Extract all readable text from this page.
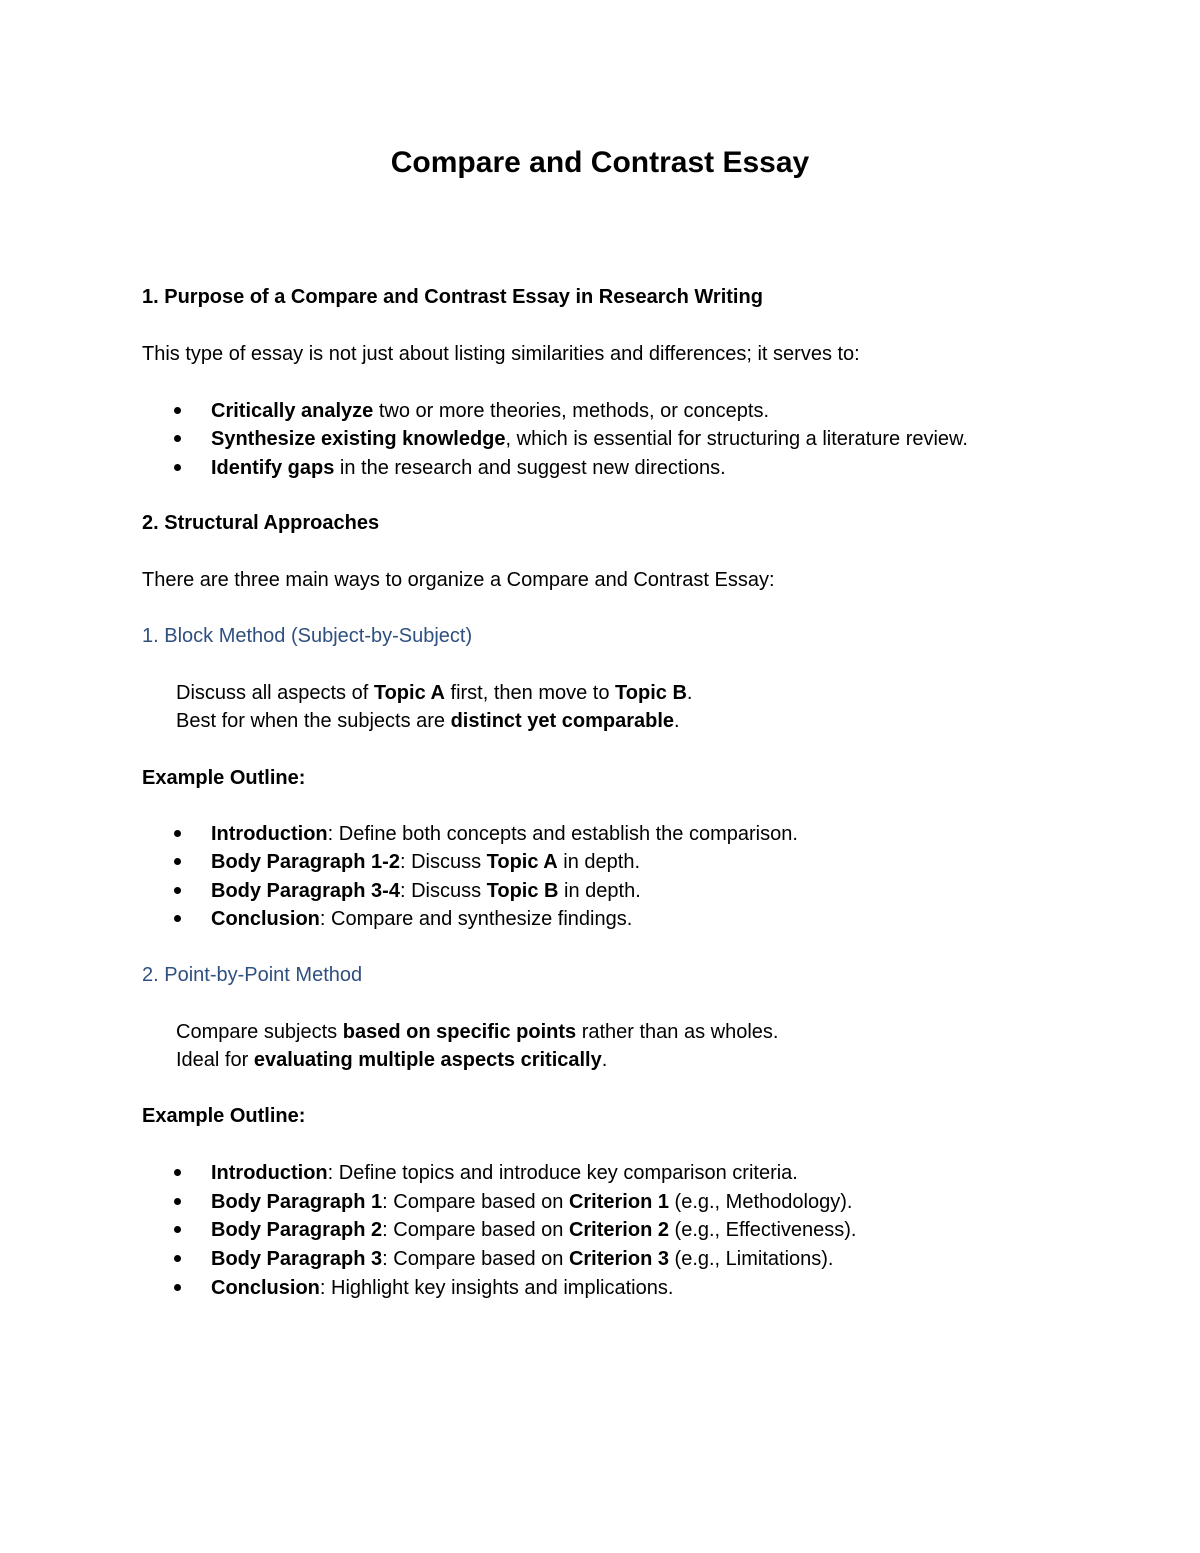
Compare and Contrast Essay
1. Purpose of a Compare and Contrast Essay in Research Writing
This type of essay is not just about listing similarities and differences; it serves to:
Critically analyze two or more theories, methods, or concepts.
Synthesize existing knowledge, which is essential for structuring a literature review.
Identify gaps in the research and suggest new directions.
2. Structural Approaches
There are three main ways to organize a Compare and Contrast Essay:
1. Block Method (Subject-by-Subject)
Discuss all aspects of Topic A first, then move to Topic B.
Best for when the subjects are distinct yet comparable.
Example Outline:
Introduction: Define both concepts and establish the comparison.
Body Paragraph 1-2: Discuss Topic A in depth.
Body Paragraph 3-4: Discuss Topic B in depth.
Conclusion: Compare and synthesize findings.
2. Point-by-Point Method
Compare subjects based on specific points rather than as wholes.
Ideal for evaluating multiple aspects critically.
Example Outline:
Introduction: Define topics and introduce key comparison criteria.
Body Paragraph 1: Compare based on Criterion 1 (e.g., Methodology).
Body Paragraph 2: Compare based on Criterion 2 (e.g., Effectiveness).
Body Paragraph 3: Compare based on Criterion 3 (e.g., Limitations).
Conclusion: Highlight key insights and implications.
